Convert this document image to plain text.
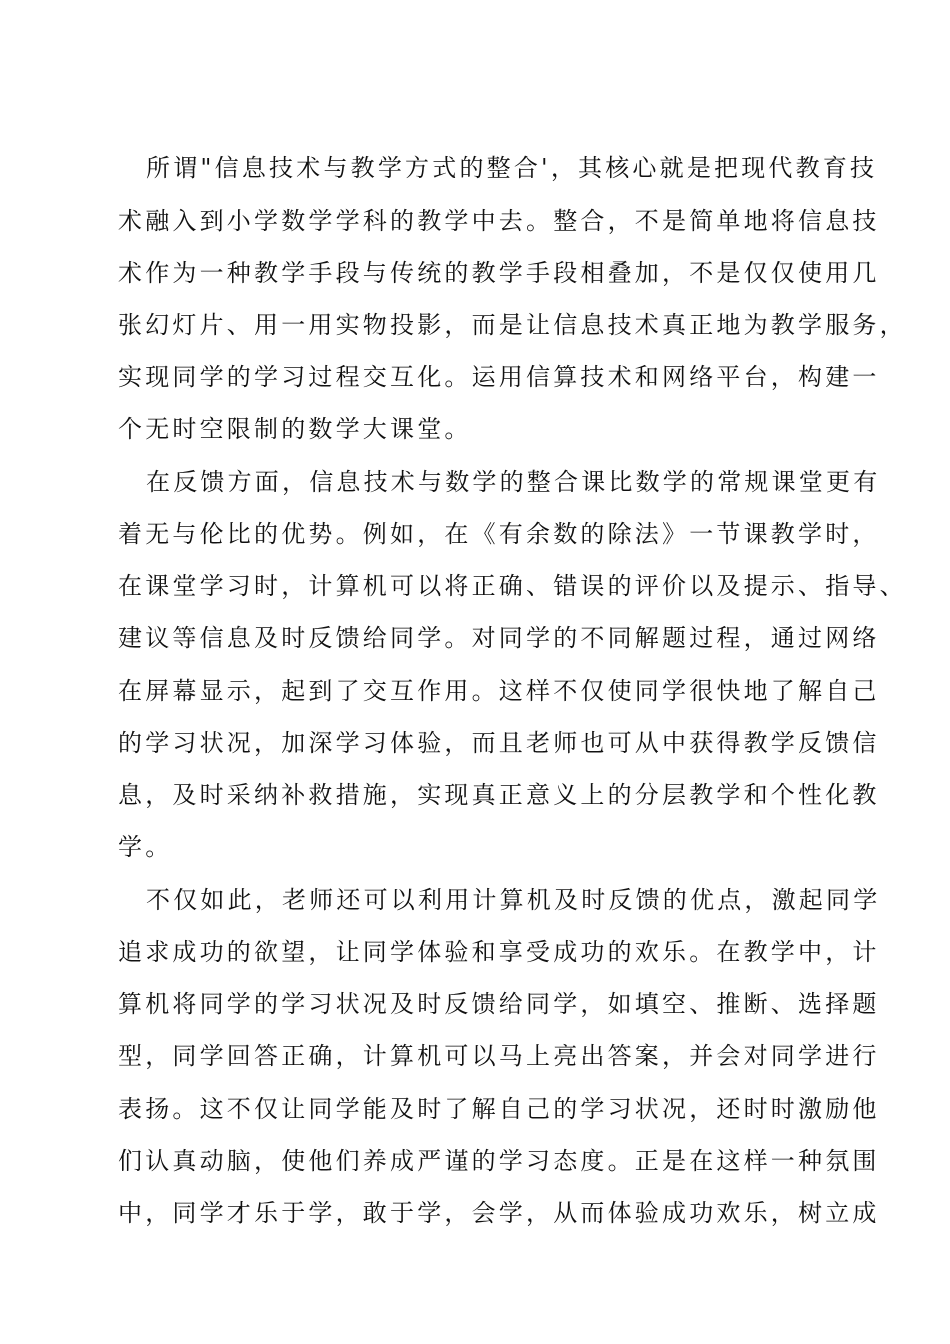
所谓"信息技术与教学方式的整合'，其核心就是把现代教育技
术融入到小学数学学科的教学中去。整合，不是简单地将信息技
术作为一种教学手段与传统的教学手段相叠加，不是仅仅使用几
张幻灯片、用一用实物投影，而是让信息技术真正地为教学服务，
实现同学的学习过程交互化。运用信算技术和网络平台，构建一
个无时空限制的数学大课堂。
在反馈方面，信息技术与数学的整合课比数学的常规课堂更有
着无与伦比的优势。例如，在《有余数的除法》一节课教学时，
在课堂学习时，计算机可以将正确、错误的评价以及提示、指导、
建议等信息及时反馈给同学。对同学的不同解题过程，通过网络
在屏幕显示，起到了交互作用。这样不仅使同学很快地了解自己
的学习状况，加深学习体验，而且老师也可从中获得教学反馈信
息，及时采纳补救措施，实现真正意义上的分层教学和个性化教
学。
不仅如此，老师还可以利用计算机及时反馈的优点，激起同学
追求成功的欲望，让同学体验和享受成功的欢乐。在教学中，计
算机将同学的学习状况及时反馈给同学，如填空、推断、选择题
型，同学回答正确，计算机可以马上亮出答案，并会对同学进行
表扬。这不仅让同学能及时了解自己的学习状况，还时时激励他
们认真动脑，使他们养成严谨的学习态度。正是在这样一种氛围
中，同学才乐于学，敢于学，会学，从而体验成功欢乐，树立成
